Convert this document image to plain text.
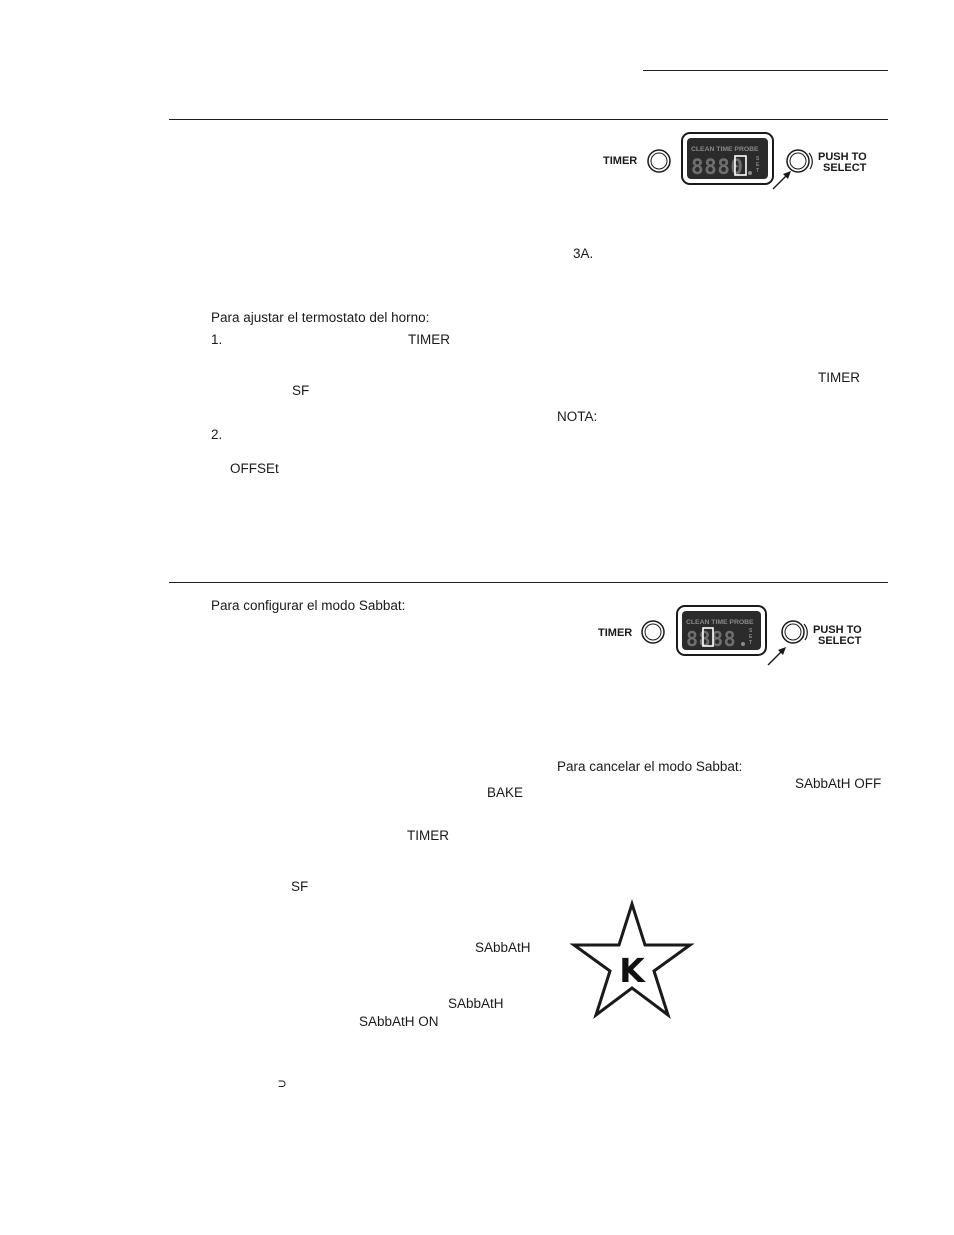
TIMER
CLEAN TIME PROBE
8880 S
E
T
PUSH TO
SELECT
3A.
Para ajustar el termostato del horno:
1.	TIMER
TIMER
SF
NOTA:
2.
OFFSEt
Para configurar el modo Sabbat:
TIMER
CLEAN TIME PROBE
8888	S
E
T
PUSH TO
SELECT
Para cancelar el modo Sabbat:
SAbbAtH OFF
BAKE
TIMER
SF
SAbbAtH
SAbbAtH
SAbbAtH ON
⊃
K
